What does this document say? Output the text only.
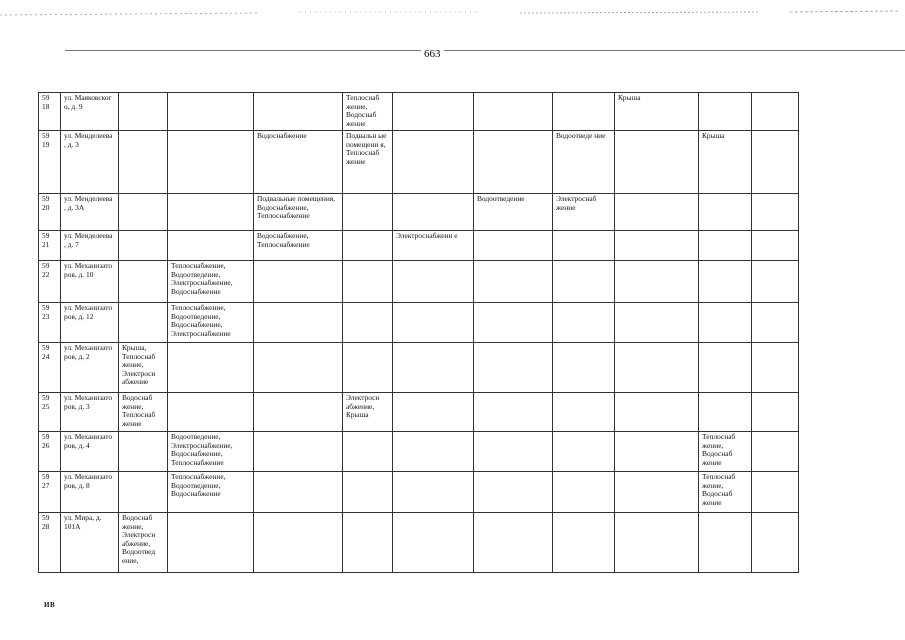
663
59
18	ул. Маяковског о, д. 9				Теплоснаб жение, Водоснаб жение				Крыша		

59
19	ул. Менделеева , д. 3			Водоснабжение	Подвальн ые помещени я, Теплоснаб жение			Водоотведе ние		Крыша	

59
20	ул. Менделеева , д. 3А			Подвальные помещения, Водоснабжение, Теплоснабжение			Водоотведение	Электроснаб жение			

59
21	ул. Менделеева , д. 7			Водоснабжение, Теплоснабжение		Электроснабжени е					

59
22	ул. Механизато ров, д. 10		Теплоснабжение, Водоотведение, Электроснабжение, Водоснабжение								

59
23	ул. Механизато ров, д. 12		Теплоснабжение, Водоотведение, Водоснабжение, Электроснабжение								

59
24	ул. Механизато ров, д. 2	Крыша, Теплоснаб жение, Электроси абжение									

59
25	ул. Механизато ров, д. 3	Водоснаб жение, Теплоснаб жение			Электросн абжение, Крыша						

59
26	ул. Механизато ров, д. 4		Водоотведение, Электроснабжение, Водоснабжение, Теплоснабжение							Теплоснаб жение, Водоснаб жение	

59
27	ул. Механизато ров, д. 8		Теплоснабжение, Водоотведение, Водоснабжение							Теплоснаб жение, Водоснаб жение	

59
28	ул. Мира, д. 101А	Водоснаб жение, Электросн абжение, Водоотвед ение,									
ИВ
